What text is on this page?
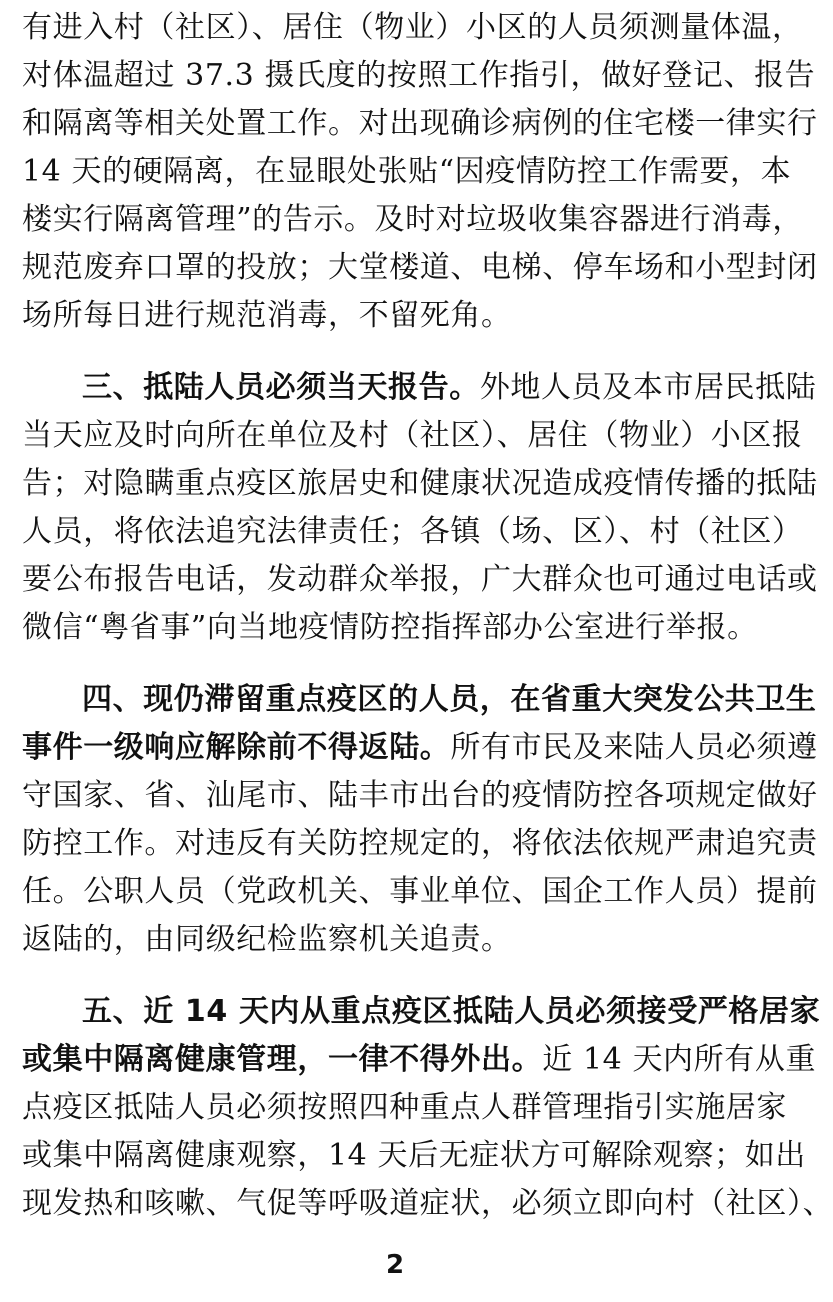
有进入村（社区）、居住（物业）小区的人员须测量体温，
对体温超过 37.3 摄氏度的按照工作指引，做好登记、报告
和隔离等相关处置工作。对出现确诊病例的住宅楼一律实行
14 天的硬隔离，在显眼处张贴“因疫情防控工作需要，本
楼实行隔离管理”的告示。及时对垃圾收集容器进行消毒，
规范废弃口罩的投放；大堂楼道、电梯、停车场和小型封闭
场所每日进行规范消毒，不留死角。
三、抵陆人员必须当天报告。外地人员及本市居民抵陆
当天应及时向所在单位及村（社区）、居住（物业）小区报
告；对隐瞒重点疫区旅居史和健康状况造成疫情传播的抵陆
人员，将依法追究法律责任；各镇（场、区）、村（社区）
要公布报告电话，发动群众举报，广大群众也可通过电话或
微信“粤省事”向当地疫情防控指挥部办公室进行举报。
四、现仍滞留重点疫区的人员，在省重大突发公共卫生
事件一级响应解除前不得返陆。所有市民及来陆人员必须遵
守国家、省、汕尾市、陆丰市出台的疫情防控各项规定做好
防控工作。对违反有关防控规定的，将依法依规严肃追究责
任。公职人员（党政机关、事业单位、国企工作人员）提前
返陆的，由同级纪检监察机关追责。
五、近 14 天内从重点疫区抵陆人员必须接受严格居家
或集中隔离健康管理，一律不得外出。近 14 天内所有从重
点疫区抵陆人员必须按照四种重点人群管理指引实施居家
或集中隔离健康观察，14 天后无症状方可解除观察；如出
现发热和咳嗽、气促等呼吸道症状，必须立即向村（社区）、
2
